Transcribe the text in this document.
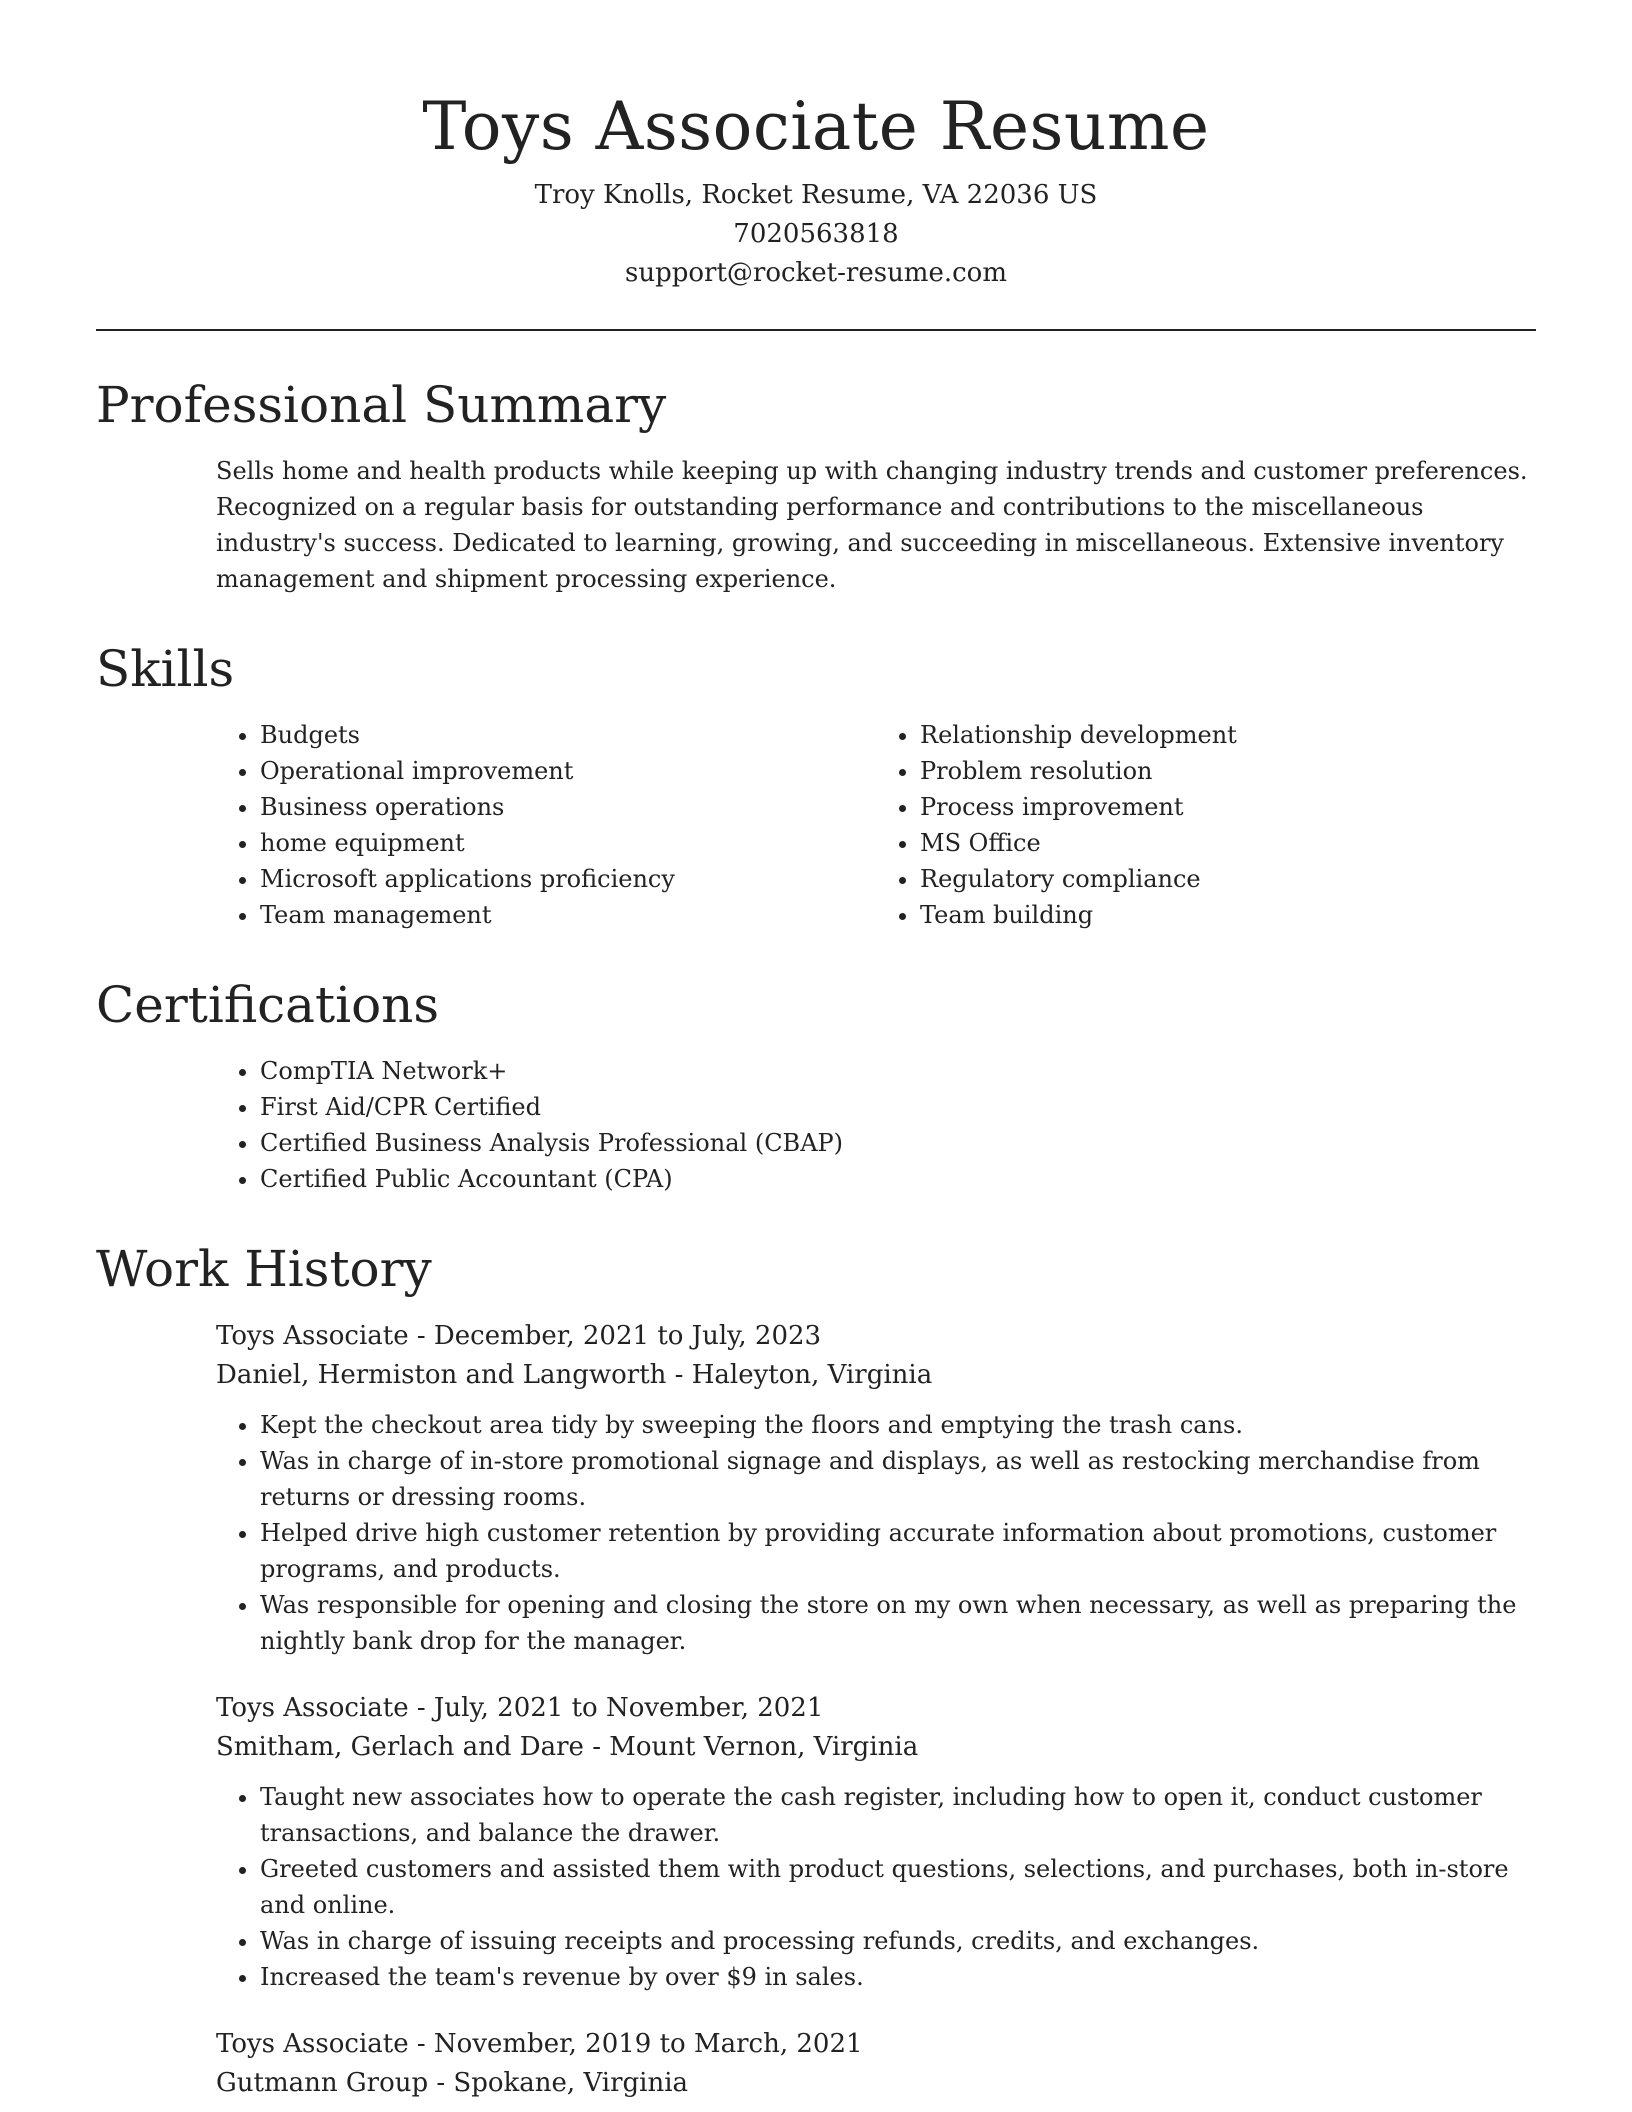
Toys Associate Resume

Troy Knolls, Rocket Resume, VA 22036 US

7020563818

support@rocket-resume.com

Professional Summary

Sells home and health products while keeping up with changing industry trends and customer preferences. Recognized on a regular basis for outstanding performance and contributions to the miscellaneous industry's success. Dedicated to learning, growing, and succeeding in miscellaneous. Extensive inventory management and shipment processing experience.

Skills
• Budgets
• Operational improvement
• Business operations
• home equipment
• Microsoft applications proficiency
• Team management
• Relationship development
• Problem resolution
• Process improvement
• MS Office
• Regulatory compliance
• Team building
Certifications
• CompTIA Network+
• First Aid/CPR Certified
• Certified Business Analysis Professional (CBAP)
• Certified Public Accountant (CPA)
Work History

Toys Associate - December, 2021 to July, 2023

Daniel, Hermiston and Langworth - Haleyton, Virginia

• Kept the checkout area tidy by sweeping the floors and emptying the trash cans.
• Was in charge of in-store promotional signage and displays, as well as restocking merchandise from returns or dressing rooms.
• Helped drive high customer retention by providing accurate information about promotions, customer programs, and products.
• Was responsible for opening and closing the store on my own when necessary, as well as preparing the nightly bank drop for the manager.

Toys Associate - July, 2021 to November, 2021

Smitham, Gerlach and Dare - Mount Vernon, Virginia

• Taught new associates how to operate the cash register, including how to open it, conduct customer transactions, and balance the drawer.
• Greeted customers and assisted them with product questions, selections, and purchases, both in-store and online.
• Was in charge of issuing receipts and processing refunds, credits, and exchanges.
• Increased the team's revenue by over $9 in sales.

Toys Associate - November, 2019 to March, 2021

Gutmann Group - Spokane, Virginia
